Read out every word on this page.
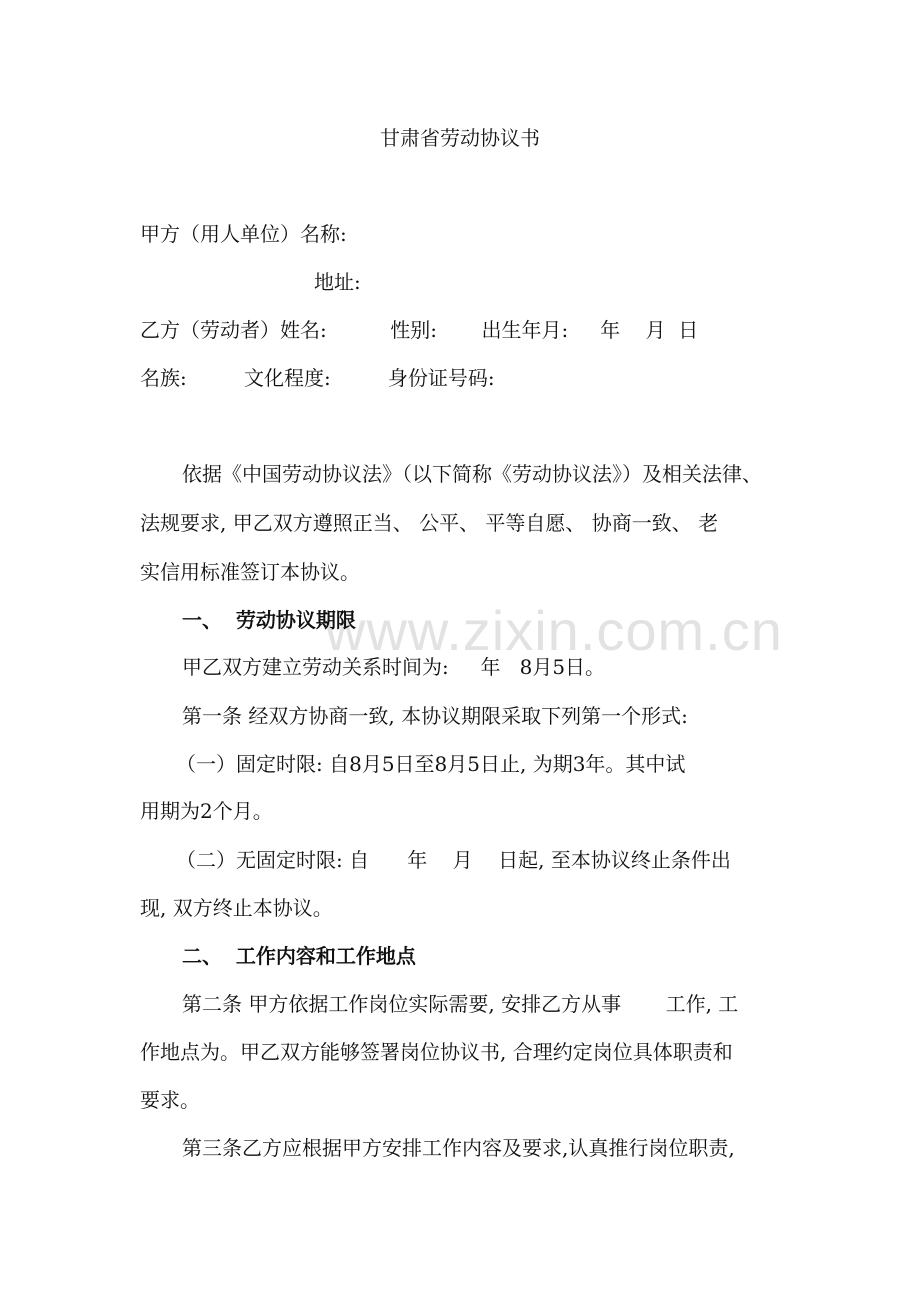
甘肃省劳动协议书
甲方（用人单位）名称:
地址:
乙方（劳动者）姓名:          性别:       出生年月:     年    月  日
名族:         文化程度:         身份证号码:
依据《中国劳动协议法》（以下简称《劳动协议法》）及相关法律、
法规要求, 甲乙双方遵照正当、 公平、 平等自愿、 协商一致、 老
实信用标准签订本协议。
www.zixin.com.cn
一、  劳动协议期限
甲乙双方建立劳动关系时间为:     年   8月5日。
第一条 经双方协商一致, 本协议期限采取下列第一个形式:
（一）固定时限: 自8月5日至8月5日止, 为期3年。其中试
用期为2个月。
（二）无固定时限: 自      年    月    日起, 至本协议终止条件出
现, 双方终止本协议。
二、  工作内容和工作地点
第二条 甲方依据工作岗位实际需要, 安排乙方从事       工作, 工
作地点为。甲乙双方能够签署岗位协议书, 合理约定岗位具体职责和
要求。
第三条乙方应根据甲方安排工作内容及要求,认真推行岗位职责,
